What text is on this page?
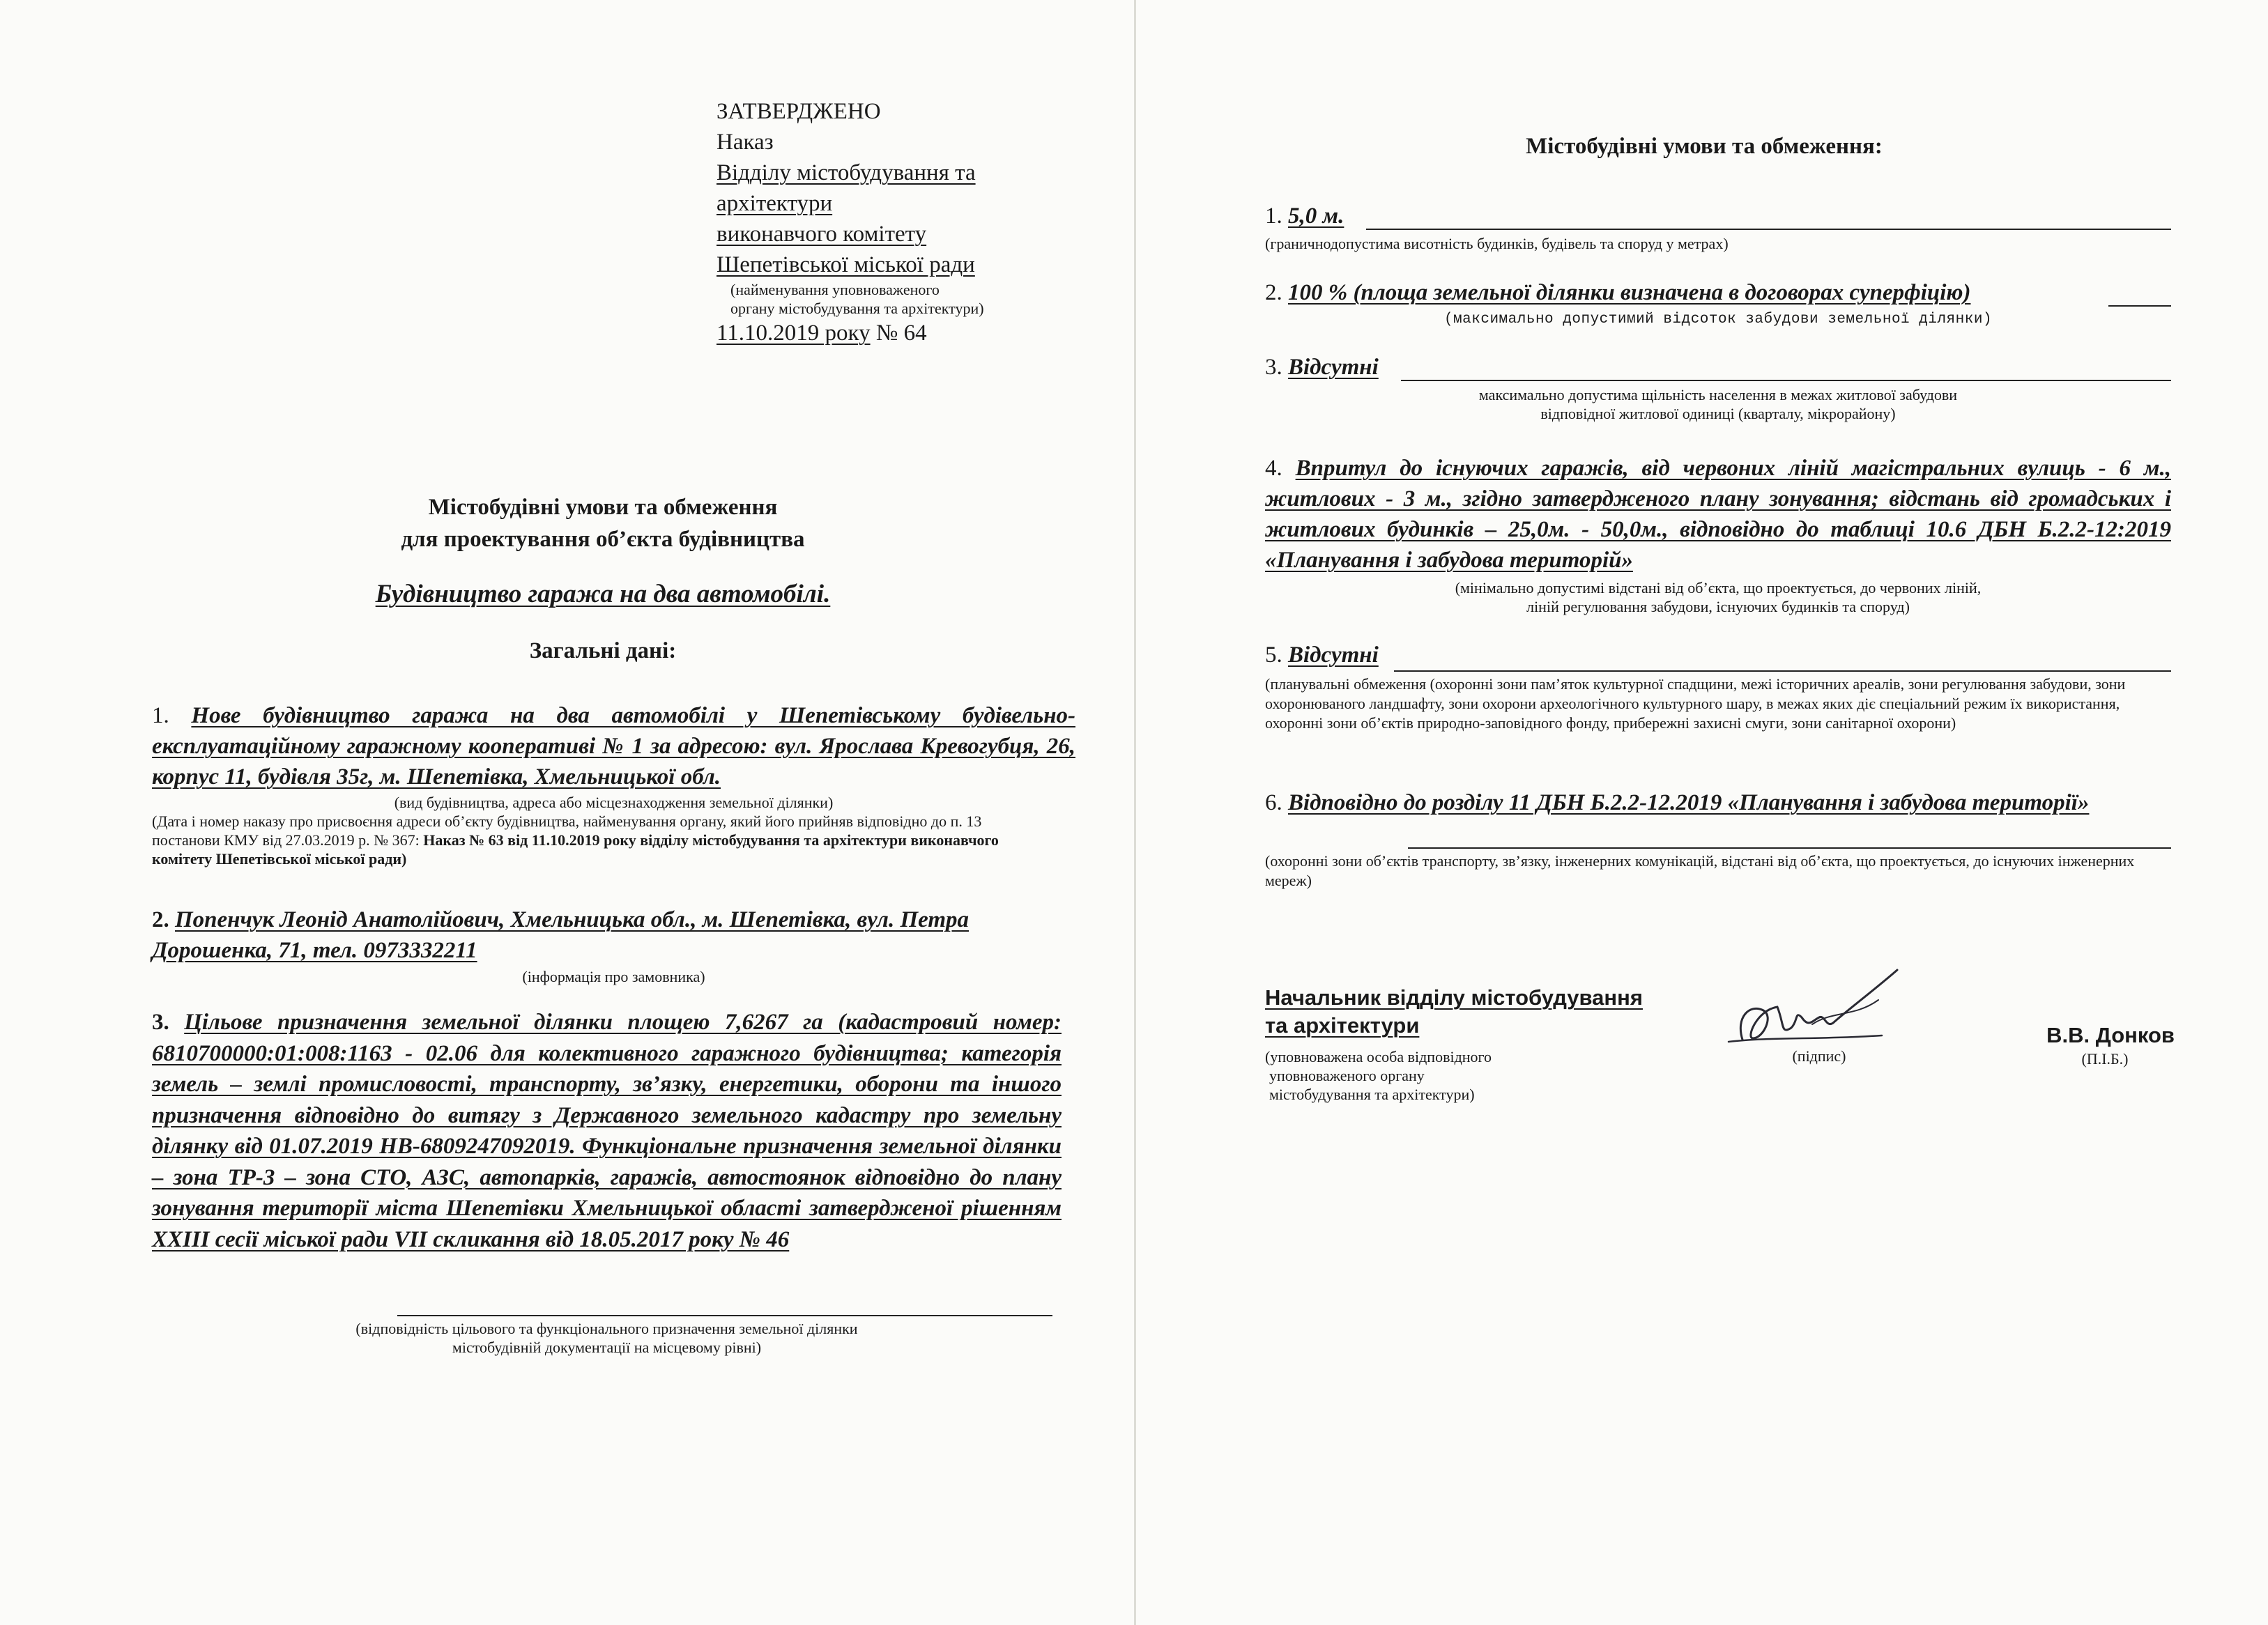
ЗАТВЕРДЖЕНО
Наказ
Відділу містобудування та
архітектури
виконавчого комітету
Шепетівської міської ради
(найменування уповноваженого
органу містобудування та архітектури)
11.10.2019 року № 64
Містобудівні умови та обмеження
для проектування об’єкта будівництва
Будівництво гаража на два автомобілі.
Загальні дані:
1. Нове будівництво гаража на два автомобілі у Шепетівському будівельно-експлуатаційному гаражному кооперативі № 1 за адресою: вул. Ярослава Кревогубця, 26, корпус 11, будівля 35г, м. Шепетівка, Хмельницької обл.
(вид будівництва, адреса або місцезнаходження земельної ділянки)
(Дата і номер наказу про присвоєння адреси об’єкту будівництва, найменування органу, який його прийняв відповідно до п. 13 постанови КМУ від 27.03.2019 р. № 367: Наказ № 63 від 11.10.2019 року відділу містобудування та архітектури виконавчого комітету Шепетівської міської ради)
2. Попенчук Леонід Анатолійович, Хмельницька обл., м. Шепетівка, вул. Петра Дорошенка, 71, тел. 0973332211
(інформація про замовника)
3. Цільове призначення земельної ділянки площею 7,6267 га (кадастровий номер: 6810700000:01:008:1163 - 02.06 для колективного гаражного будівництва; категорія земель – землі промисловості, транспорту, зв’язку, енергетики, оборони та іншого призначення відповідно до витягу з Державного земельного кадастру про земельну ділянку від 01.07.2019 НВ-6809247092019. Функціональне призначення земельної ділянки – зона ТР-3 – зона СТО, АЗС, автопарків, гаражів, автостоянок відповідно до плану зонування території міста Шепетівки Хмельницької області затвердженої рішенням XXIII сесії міської ради VII скликання від 18.05.2017 року № 46
(відповідність цільового та функціонального призначення земельної ділянки
містобудівній документації на місцевому рівні)
Містобудівні умови та обмеження:
1. 5,0 м.
(граничнодопустима висотність будинків, будівель та споруд у метрах)
2. 100 % (площа земельної ділянки визначена в договорах суперфіцію)
(максимально допустимий відсоток забудови земельної ділянки)
3. Відсутні
максимально допустима щільність населення в межах житлової забудови
відповідної житлової одиниці (кварталу, мікрорайону)
4. Впритул до існуючих гаражів, від червоних ліній магістральних вулиць - 6 м., житлових - 3 м., згідно затвердженого плану зонування; відстань від громадських і житлових будинків – 25,0м. - 50,0м., відповідно до таблиці 10.6 ДБН Б.2.2-12:2019 «Планування і забудова територій»
(мінімально допустимі відстані від об’єкта, що проектується, до червоних ліній,
ліній регулювання забудови, існуючих будинків та споруд)
5. Відсутні
(планувальні обмеження (охоронні зони пам’яток культурної спадщини, межі історичних ареалів, зони регулювання забудови, зони охоронюваного ландшафту, зони охорони археологічного культурного шару, в межах яких діє спеціальний режим їх використання, охоронні зони об’єктів природно-заповідного фонду, прибережні захисні смуги, зони санітарної охорони)
6. Відповідно до розділу 11 ДБН Б.2.2-12.2019 «Планування і забудова території»
(охоронні зони об’єктів транспорту, зв’язку, інженерних комунікацій, відстані від об’єкта, що проектується, до існуючих інженерних мереж)
Начальник відділу містобудування
та архітектури
(уповноважена особа відповідного
уповноваженого органу
містобудування та архітектури)
(підпис)
В.В. Донков
(П.І.Б.)
